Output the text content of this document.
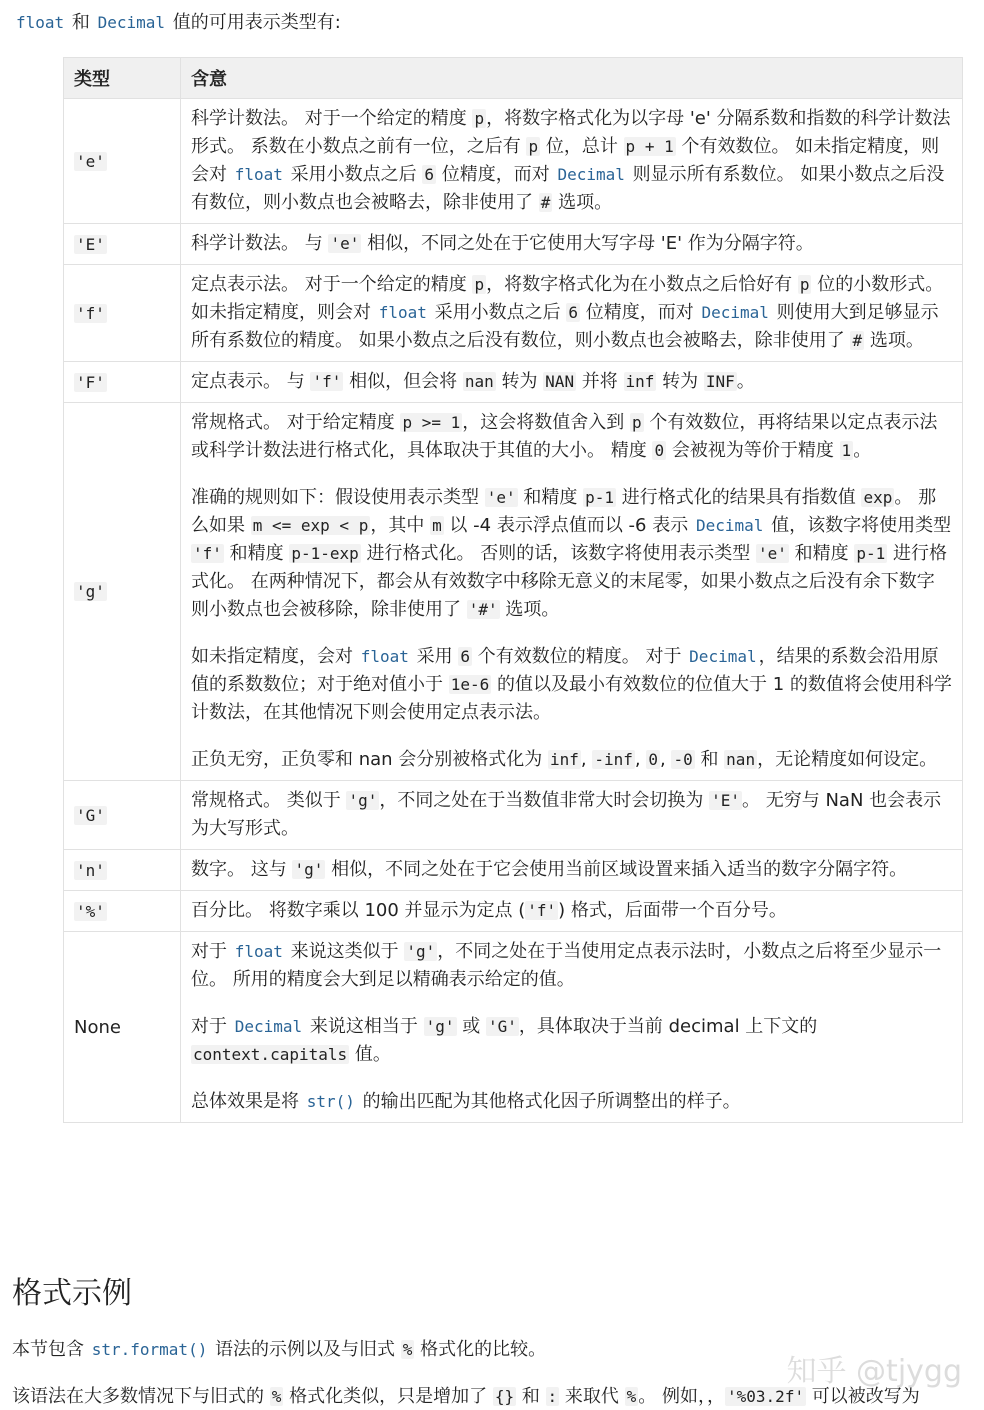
float 和 Decimal 值的可用表示类型有:
类型	含意
'e'	科学计数法。 对于一个给定的精度 p ，将数字格式化为以字母 'e' 分隔系数和指数的科学计数法形式。 系数在小数点之前有一位，之后有 p 位，总计 p + 1 个有效数位。 如未指定精度，则会对 float 采用小数点之后 6 位精度，而对 Decimal 则显示所有系数位。 如果小数点之后没有数位，则小数点也会被略去，除非使用了 # 选项。

'E'	科学计数法。 与 'e' 相似，不同之处在于它使用大写字母 'E' 作为分隔字符。

'f'	定点表示法。 对于一个给定的精度 p ，将数字格式化为在小数点之后恰好有 p 位的小数形式。 如未指定精度，则会对 float 采用小数点之后 6 位精度，而对 Decimal 则使用大到足够显示所有系数位的精度。 如果小数点之后没有数位，则小数点也会被略去，除非使用了 # 选项。

'F'	定点表示。 与 'f' 相似，但会将 nan 转为 NAN 并将 inf 转为 INF 。

'g'	常规格式。 对于给定精度 p >= 1 ，这会将数值舍入到 p 个有效数位，再将结果以定点表示法或科学计数法进行格式化，具体取决于其值的大小。 精度 0 会被视为等价于精度 1 。

准确的规则如下：假设使用表示类型 'e' 和精度 p-1 进行格式化的结果具有指数值 exp 。 那么如果 m <= exp < p ，其中 m 以 -4 表示浮点值而以 -6 表示 Decimal 值，该数字将使用类型 'f' 和精度 p-1-exp 进行格式化。 否则的话，该数字将使用表示类型 'e' 和精度 p-1 进行格式化。 在两种情况下，都会从有效数字中移除无意义的末尾零，如果小数点之后没有余下数字则小数点也会被移除，除非使用了 '#' 选项。

如未指定精度，会对 float 采用 6 个有效数位的精度。 对于 Decimal ，结果的系数会沿用原值的系数数位；对于绝对值小于 1e-6 的值以及最小有效数位的位值大于 1 的数值将会使用科学计数法，在其他情况下则会使用定点表示法。

正负无穷，正负零和 nan 会分别被格式化为 inf , -inf , 0 , -0 和 nan ，无论精度如何设定。

'G'	常规格式。 类似于 'g' ，不同之处在于当数值非常大时会切换为 'E' 。 无穷与 NaN 也会表示为大写形式。

'n'	数字。 这与 'g' 相似，不同之处在于它会使用当前区域设置来插入适当的数字分隔字符。

'%'	百分比。 将数字乘以 100 并显示为定点 ( 'f' ) 格式，后面带一个百分号。

None	对于 float 来说这类似于 'g' ，不同之处在于当使用定点表示法时，小数点之后将至少显示一位。 所用的精度会大到足以精确表示给定的值。

对于 Decimal 来说这相当于 'g' 或 'G' ，具体取决于当前 decimal 上下文的 context.capitals 值。

总体效果是将 str() 的输出匹配为其他格式化因子所调整出的样子。

格式示例
本节包含 str.format() 语法的示例以及与旧式 % 格式化的比较。
该语法在大多数情况下与旧式的 % 格式化类似，只是增加了 {} 和 : 来取代 % 。 例如，， '%03.2f' 可以被改写为
知乎 @tjygg
